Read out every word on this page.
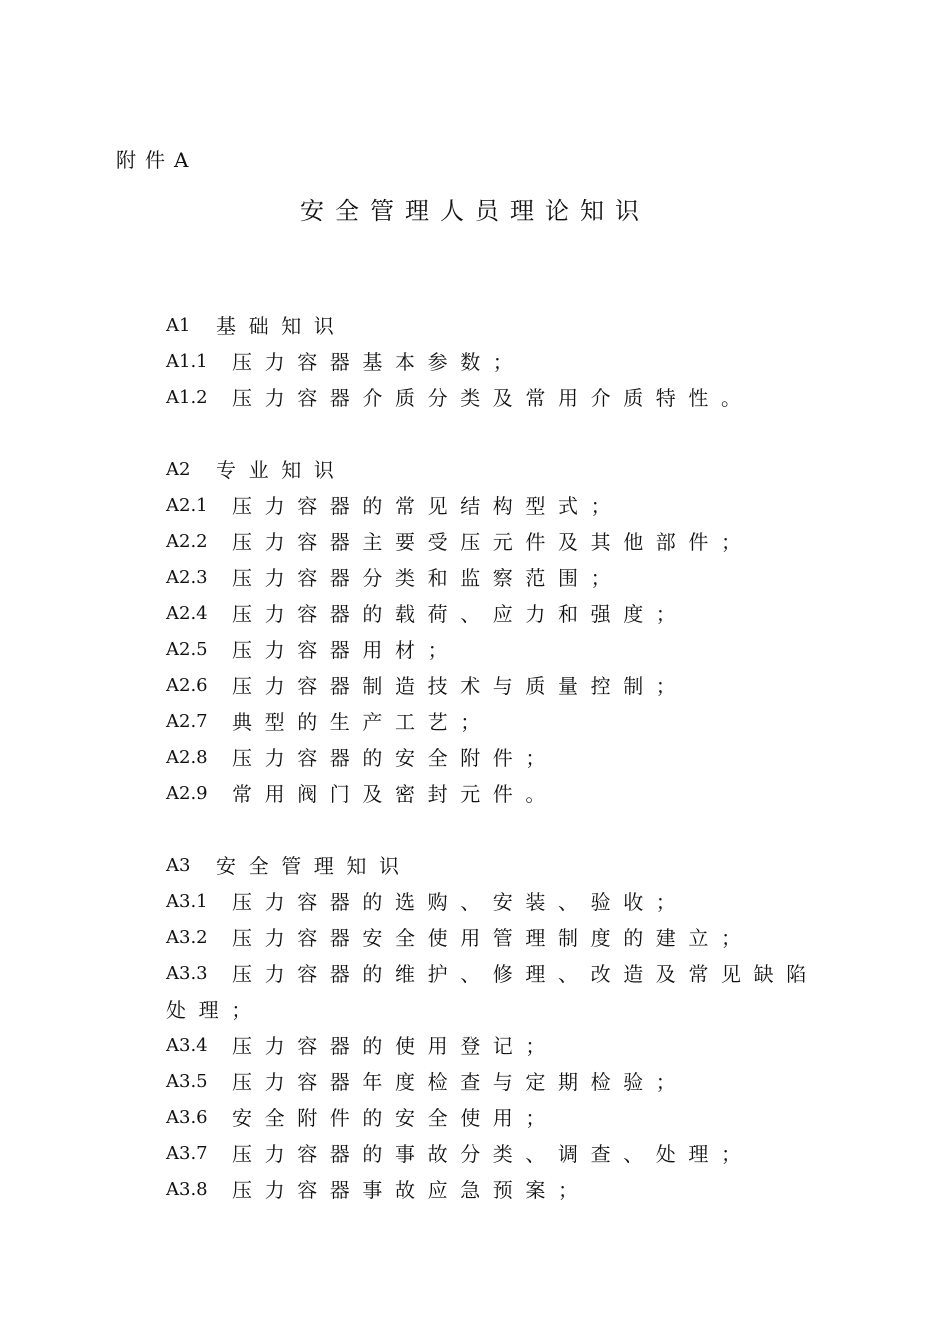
附件A
安全管理人员理论知识
A1 基础知识
A1.1 压力容器基本参数；
A1.2 压力容器介质分类及常用介质特性。
A2 专业知识
A2.1 压力容器的常见结构型式；
A2.2 压力容器主要受压元件及其他部件；
A2.3 压力容器分类和监察范围；
A2.4 压力容器的载荷、应力和强度；
A2.5 压力容器用材；
A2.6 压力容器制造技术与质量控制；
A2.7 典型的生产工艺；
A2.8 压力容器的安全附件；
A2.9 常用阀门及密封元件。
A3 安全管理知识
A3.1 压力容器的选购、安装、验收；
A3.2 压力容器安全使用管理制度的建立；
A3.3 压力容器的维护、修理、改造及常见缺陷
处理；
A3.4 压力容器的使用登记；
A3.5 压力容器年度检查与定期检验；
A3.6 安全附件的安全使用；
A3.7 压力容器的事故分类、调查、处理；
A3.8 压力容器事故应急预案；
